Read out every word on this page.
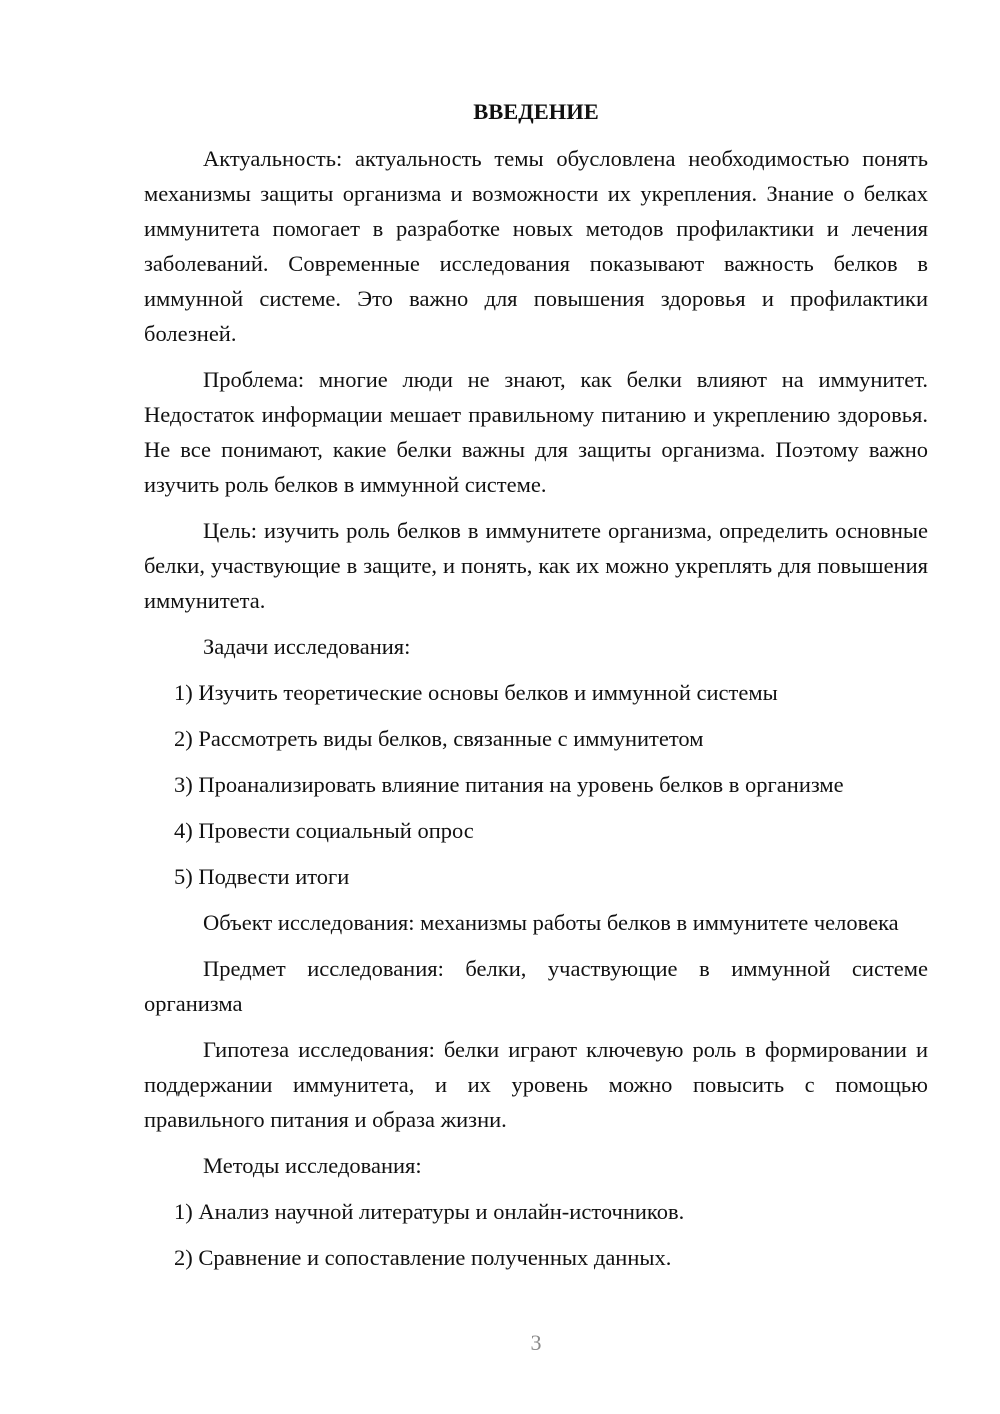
ВВЕДЕНИЕ

Актуальность: актуальность темы обусловлена необходимостью понять механизмы защиты организма и возможности их укрепления. Знание о белках иммунитета помогает в разработке новых методов профилактики и лечения заболеваний. Современные исследования показывают важность белков в иммунной системе. Это важно для повышения здоровья и профилактики болезней.

Проблема: многие люди не знают, как белки влияют на иммунитет. Недостаток информации мешает правильному питанию и укреплению здоровья. Не все понимают, какие белки важны для защиты организма. Поэтому важно изучить роль белков в иммунной системе.

Цель: изучить роль белков в иммунитете организма, определить основные белки, участвующие в защите, и понять, как их можно укреплять для повышения иммунитета.

Задачи исследования:

1) Изучить теоретические основы белков и иммунной системы
2) Рассмотреть виды белков, связанные с иммунитетом
3) Проанализировать влияние питания на уровень белков в организме
4) Провести социальный опрос
5) Подвести итоги

Объект исследования: механизмы работы белков в иммунитете человека

Предмет исследования: белки, участвующие в иммунной системе организма

Гипотеза исследования: белки играют ключевую роль в формировании и поддержании иммунитета, и их уровень можно повысить с помощью правильного питания и образа жизни.

Методы исследования:

1) Анализ научной литературы и онлайн-источников.
2) Сравнение и сопоставление полученных данных.
3
